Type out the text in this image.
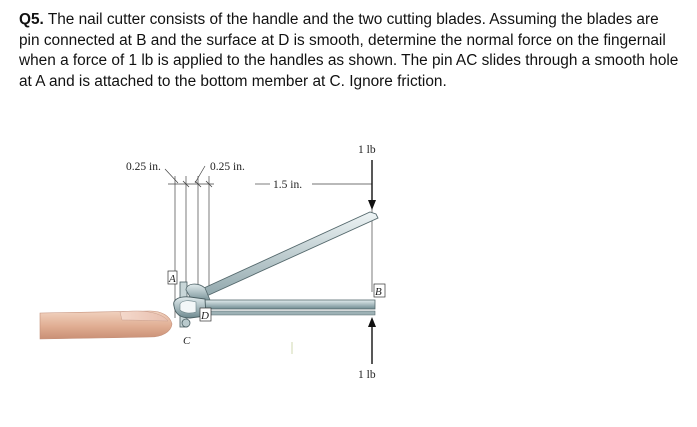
Q5. The nail cutter consists of the handle and the two cutting blades. Assuming the blades are pin connected at B and the surface at D is smooth, determine the normal force on the fingernail when a force of 1 lb is applied to the handles as shown. The pin AC slides through a smooth hole at A and is attached to the bottom member at C. Ignore friction.

0.25 in.	0.25 in.
1.5 in.
1 lb
1 lb
A
B
C
D
